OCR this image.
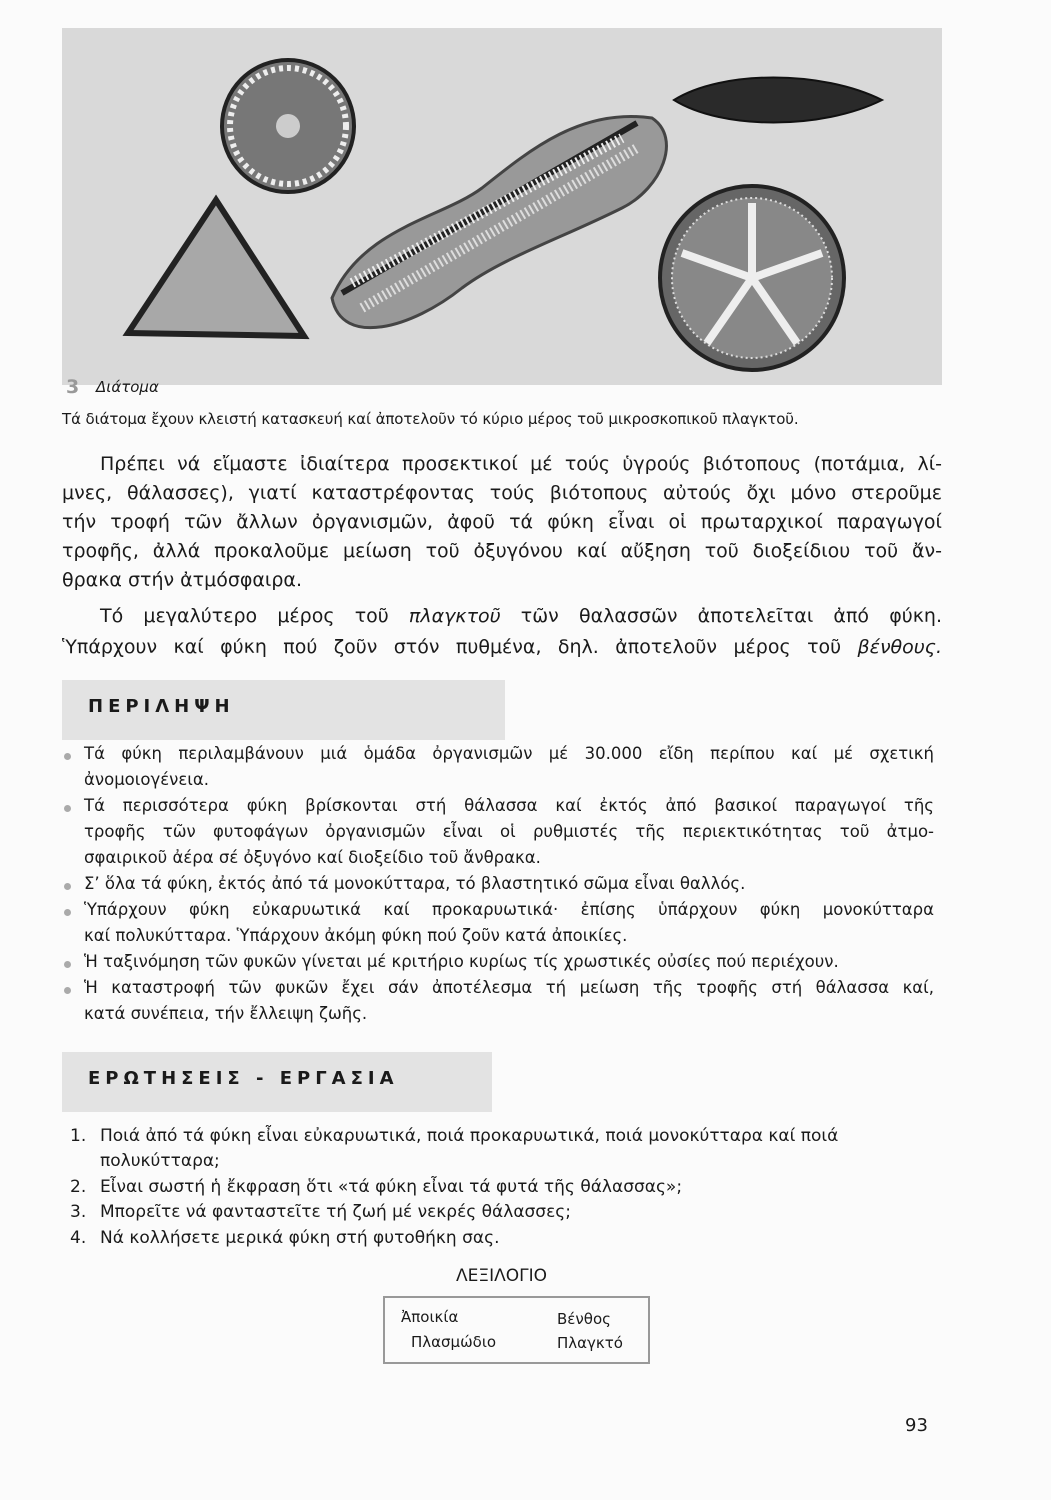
3 Διάτομα
Τά διάτομα ἔχουν κλειστή κατασκευή καί ἀποτελοῦν τό κύριο μέρος τοῦ μικροσκοπικοῦ πλαγκτοῦ.
Πρέπει νά εἴμαστε ἰδιαίτερα προσεκτικοί μέ τούς ὑγρούς βιότοπους (ποτάμια, λί-
μνες, θάλασσες), γιατί καταστρέφοντας τούς βιότοπους αὐτούς ὄχι μόνο στεροῦμε
τήν τροφή τῶν ἄλλων ὀργανισμῶν, ἀφοῦ τά φύκη εἶναι οἱ πρωταρχικοί παραγωγοί
τροφῆς, ἀλλά προκαλοῦμε μείωση τοῦ ὀξυγόνου καί αὔξηση τοῦ διοξείδιου τοῦ ἄν-
θρακα στήν ἀτμόσφαιρα.
Τό μεγαλύτερο μέρος τοῦ πλαγκτοῦ τῶν θαλασσῶν ἀποτελεῖται ἀπό φύκη.
Ὑπάρχουν καί φύκη πού ζοῦν στόν πυθμένα, δηλ. ἀποτελοῦν μέρος τοῦ βένθους.
ΠΕΡΙΛΗΨΗ
Τά φύκη περιλαμβάνουν μιά ὁμάδα ὀργανισμῶν μέ 30.000 εἴδη περίπου καί μέ σχετική
ἀνομοιογένεια.
Τά περισσότερα φύκη βρίσκονται στή θάλασσα καί ἐκτός ἀπό βασικοί παραγωγοί τῆς
τροφῆς τῶν φυτοφάγων ὀργανισμῶν εἶναι οἱ ρυθμιστές τῆς περιεκτικότητας τοῦ ἀτμο-
σφαιρικοῦ ἀέρα σέ ὀξυγόνο καί διοξείδιο τοῦ ἄνθρακα.
Σ’ ὅλα τά φύκη, ἐκτός ἀπό τά μονοκύτταρα, τό βλαστητικό σῶμα εἶναι θαλλός.
Ὑπάρχουν φύκη εὐκαρυωτικά καί προκαρυωτικά· ἐπίσης ὑπάρχουν φύκη μονοκύτταρα
καί πολυκύτταρα. Ὑπάρχουν ἀκόμη φύκη πού ζοῦν κατά ἀποικίες.
Ἡ ταξινόμηση τῶν φυκῶν γίνεται μέ κριτήριο κυρίως τίς χρωστικές οὐσίες πού περιέχουν.
Ἡ καταστροφή τῶν φυκῶν ἔχει σάν ἀποτέλεσμα τή μείωση τῆς τροφῆς στή θάλασσα καί,
κατά συνέπεια, τήν ἔλλειψη ζωῆς.
ΕΡΩΤΗΣΕΙΣ - ΕΡΓΑΣΙΑ
1. Ποιά ἀπό τά φύκη εἶναι εὐκαρυωτικά, ποιά προκαρυωτικά, ποιά μονοκύτταρα καί ποιά
πολυκύτταρα;
2. Εἶναι σωστή ἡ ἔκφραση ὅτι «τά φύκη εἶναι τά φυτά τῆς θάλασσας»;
3. Μπορεῖτε νά φανταστεῖτε τή ζωή μέ νεκρές θάλασσες;
4. Νά κολλήσετε μερικά φύκη στή φυτοθήκη σας.
ΛΕΞΙΛΟΓΙΟ
Ἀποικία	Βένθος
Πλασμώδιο	Πλαγκτό
93
